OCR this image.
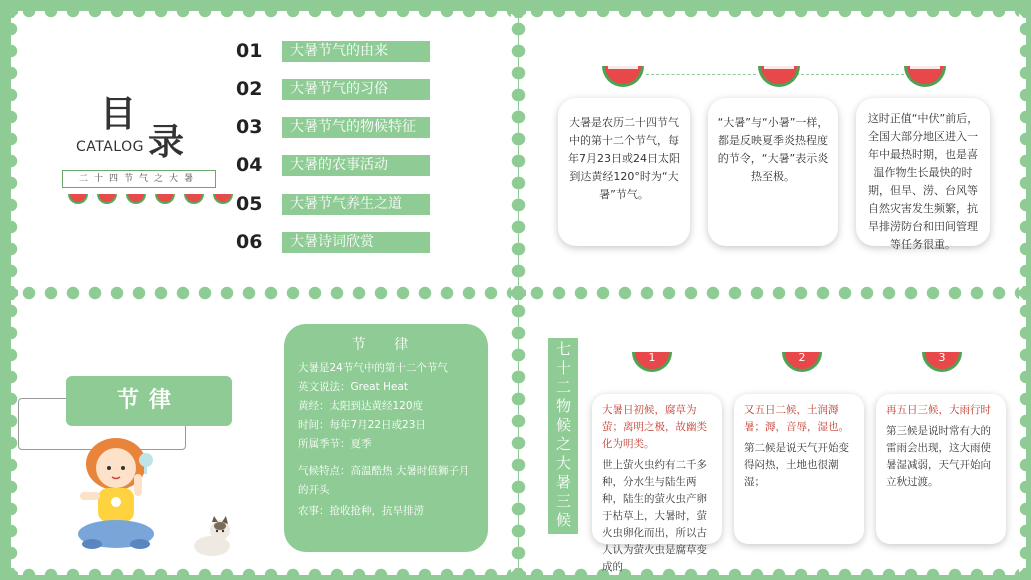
目
录
CATALOG
二十四节气之大暑
01	大暑节气的由来
02	大暑节气的习俗
03	大暑节气的物候特征
04	大暑的农事活动
05	大暑节气养生之道
06	大暑诗词欣赏
大暑是农历二十四节气中的第十二个节气，每年7月23日或24日太阳到达黄经120°时为“大暑”节气。
“大暑”与“小暑”一样，都是反映夏季炎热程度的节令，“大暑”表示炎热至极。
这时正值“中伏”前后，全国大部分地区进入一年中最热时期，也是喜温作物生长最快的时期，但旱、涝、台风等自然灾害发生频繁，抗旱排涝防台和田间管理等任务很重。
节律
节 律
大暑是24节气中的第十二个节气
英文说法：Great Heat
黄经：太阳到达黄经120度
时间：每年7月22日或23日
所属季节：夏季
气候特点：高温酷热 大暑时值狮子月的开头
农事：抢收抢种，抗旱排涝	七十二物候之大暑三候	1	2	3
大暑日初候，腐草为萤；离明之极，故幽类化为明类。
世上萤火虫约有二千多种，分水生与陆生两种，陆生的萤火虫产卵于枯草上，大暑时，萤火虫卵化而出，所以古人认为萤火虫是腐草变成的
又五日二候，土润溽暑；溽，音辱，湿也。
第二候是说天气开始变得闷热，土地也很潮湿；
再五日三候，大雨行时
第三候是说时常有大的雷雨会出现，这大雨使暑湿减弱，天气开始向立秋过渡。
